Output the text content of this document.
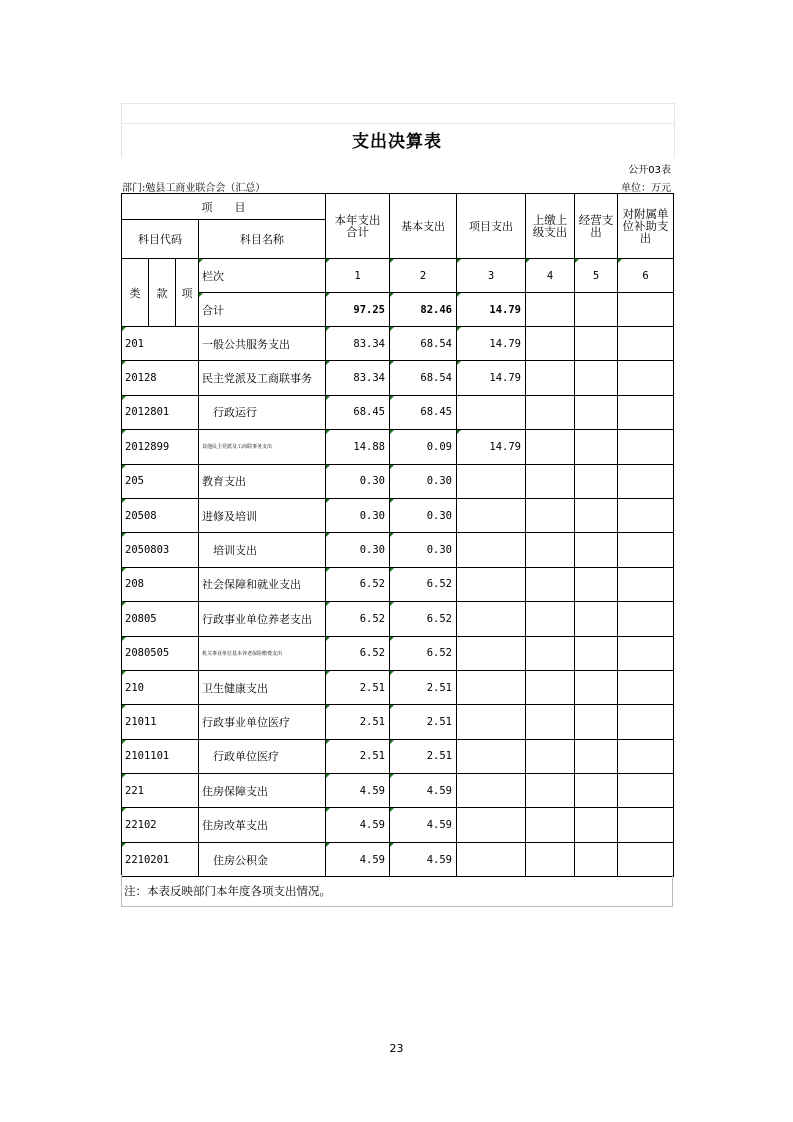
支出决算表
公开03表
部门:勉县工商业联合会（汇总）	单位：万元
项　　目				本年支出合计	基本支出	项目支出	上缴上级支出	经营支出	对附属单位补助支出
科目代码			科目名称						
类	款	项	栏次	1	2	3	4	5	6
			合计	97.25	82.46	14.79			
201			一般公共服务支出	83.34	68.54	14.79			
20128			民主党派及工商联事务	83.34	68.54	14.79			
2012801			行政运行	68.45	68.45				
2012899			其他民主党派及工商联事务支出	14.88	0.09	14.79			
205			教育支出	0.30	0.30				
20508			进修及培训	0.30	0.30				
2050803			培训支出	0.30	0.30				
208			社会保障和就业支出	6.52	6.52				
20805			行政事业单位养老支出	6.52	6.52				
2080505			机关事业单位基本养老保险缴费支出	6.52	6.52				
210			卫生健康支出	2.51	2.51				
21011			行政事业单位医疗	2.51	2.51				
2101101			行政单位医疗	2.51	2.51				
221			住房保障支出	4.59	4.59				
22102			住房改革支出	4.59	4.59				
2210201			住房公积金	4.59	4.59				
注：本表反映部门本年度各项支出情况。
23
